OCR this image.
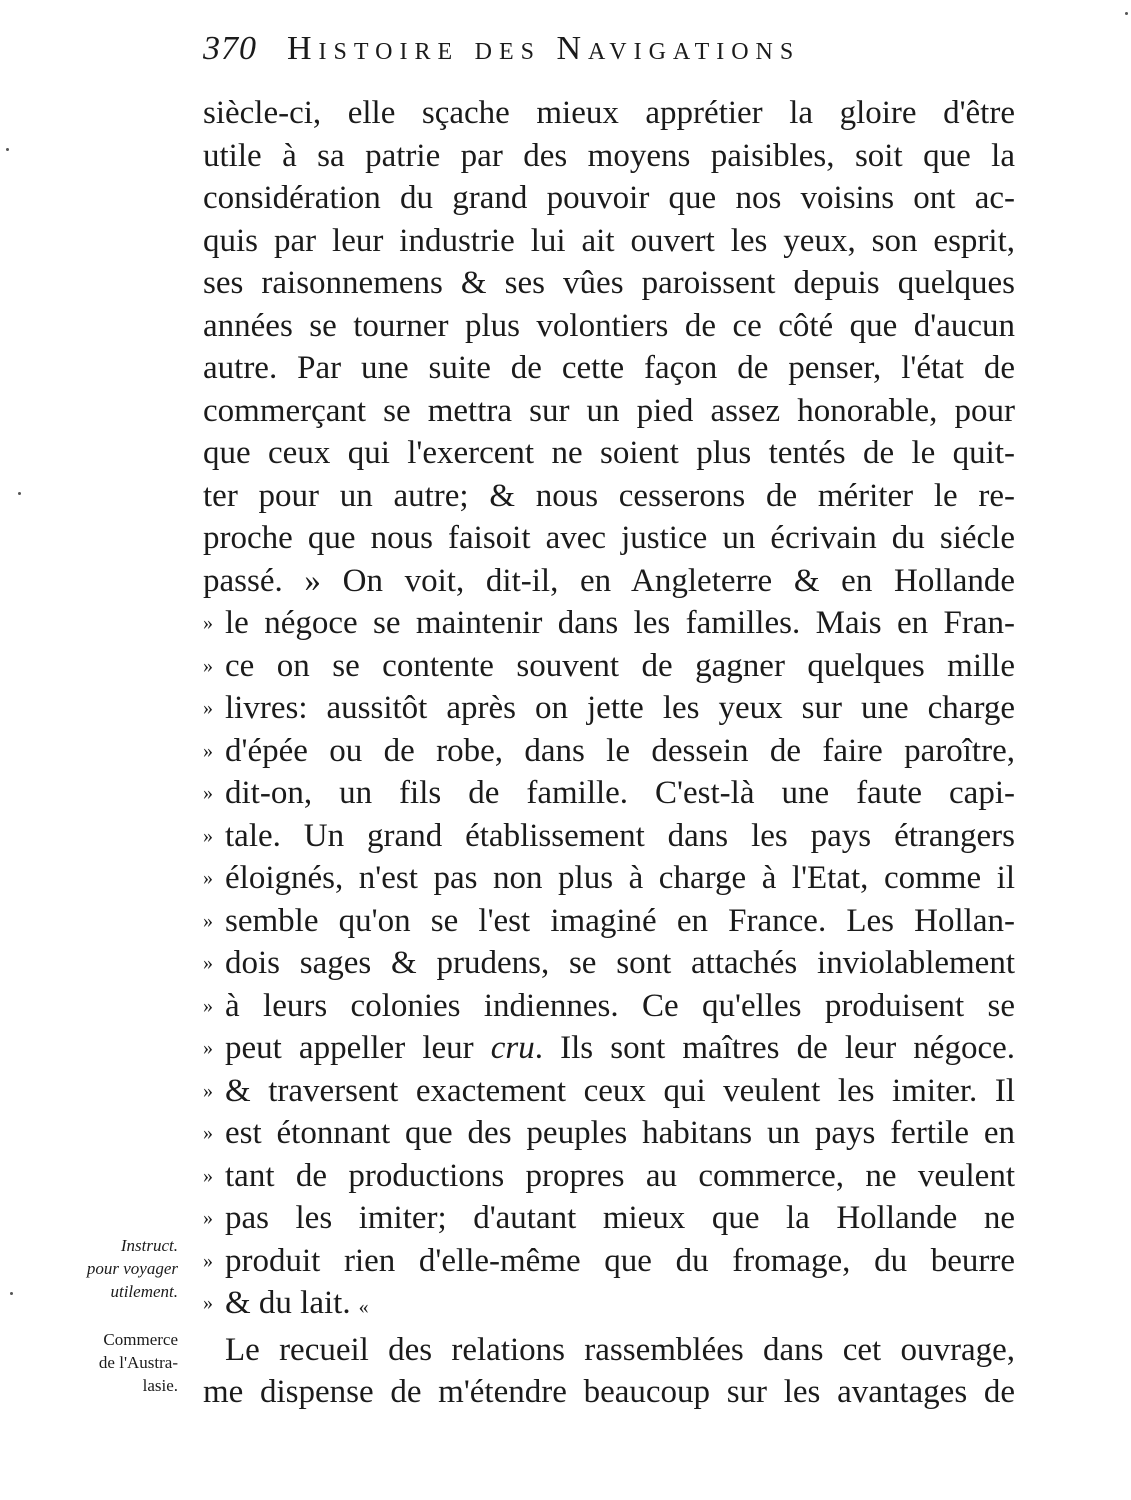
370 Histoire des Navigations
siècle-ci, elle sçache mieux apprétier la gloire d'être
utile à sa patrie par des moyens paisibles, soit que la
considération du grand pouvoir que nos voisins ont ac-
quis par leur industrie lui ait ouvert les yeux, son esprit,
ses raisonnemens & ses vûes paroissent depuis quelques
années se tourner plus volontiers de ce côté que d'aucun
autre. Par une suite de cette façon de penser, l'état de
commerçant se mettra sur un pied assez honorable, pour
que ceux qui l'exercent ne soient plus tentés de le quit-
ter pour un autre; & nous cesserons de mériter le re-
proche que nous faisoit avec justice un écrivain du siécle
passé. » On voit, dit-il, en Angleterre & en Hollande
» le négoce se maintenir dans les familles. Mais en Fran-
» ce on se contente souvent de gagner quelques mille
» livres: aussitôt après on jette les yeux sur une charge
» d'épée ou de robe, dans le dessein de faire paroître,
» dit-on, un fils de famille. C'est-là une faute capi-
» tale. Un grand établissement dans les pays étrangers
» éloignés, n'est pas non plus à charge à l'Etat, comme il
» semble qu'on se l'est imaginé en France. Les Hollan-
» dois sages & prudens, se sont attachés inviolablement
» à leurs colonies indiennes. Ce qu'elles produisent se
» peut appeller leur cru. Ils sont maîtres de leur négoce.
» & traversent exactement ceux qui veulent les imiter. Il
» est étonnant que des peuples habitans un pays fertile en
» tant de productions propres au commerce, ne veulent
» pas les imiter; d'autant mieux que la Hollande ne
» produit rien d'elle-même que du fromage, du beurre
» & du lait. «
Le recueil des relations rassemblées dans cet ouvrage,
me dispense de m'étendre beaucoup sur les avantages de
Instruct.
pour voyager
utilement.
Commerce
de l'Austra-
lasie.
